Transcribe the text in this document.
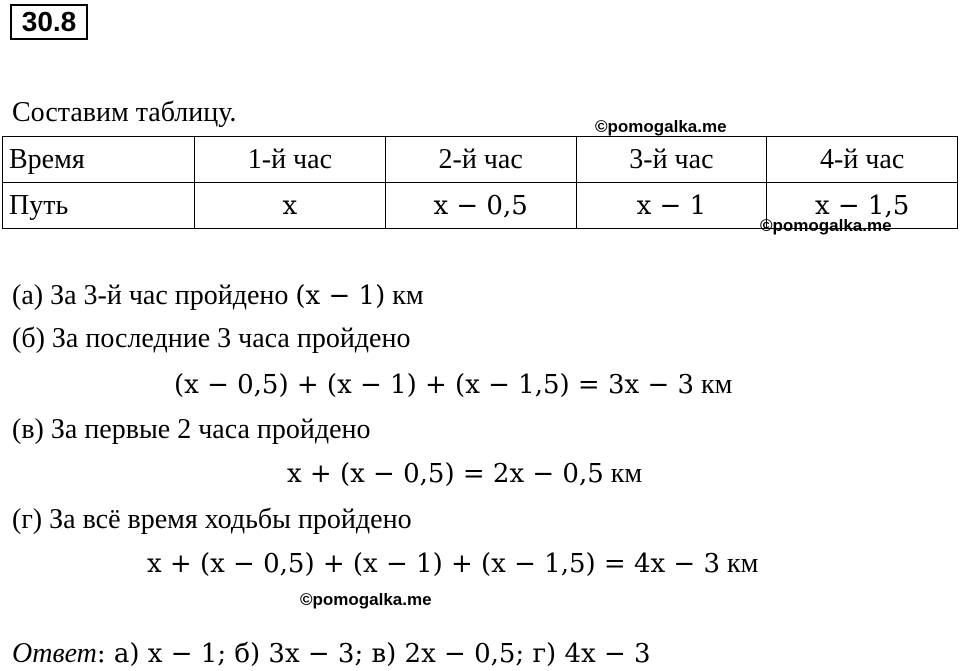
30.8
Составим таблицу.	©pomogalka.me
Время	1-й час	2-й час	3-й час	4-й час
Путь	x	x − 0,5	x − 1	x − 1,5
©pomogalka.me
(а) За 3-й час пройдено (x − 1) км
(б) За последние 3 часа пройдено
(x − 0,5) + (x − 1) + (x − 1,5) = 3x − 3 км
(в) За первые 2 часа пройдено
x + (x − 0,5) = 2x − 0,5 км
(г) За всё время ходьбы пройдено
x + (x − 0,5) + (x − 1) + (x − 1,5) = 4x − 3 км
©pomogalka.me
Ответ: а) x − 1; б) 3x − 3; в) 2x − 0,5; г) 4x − 3
